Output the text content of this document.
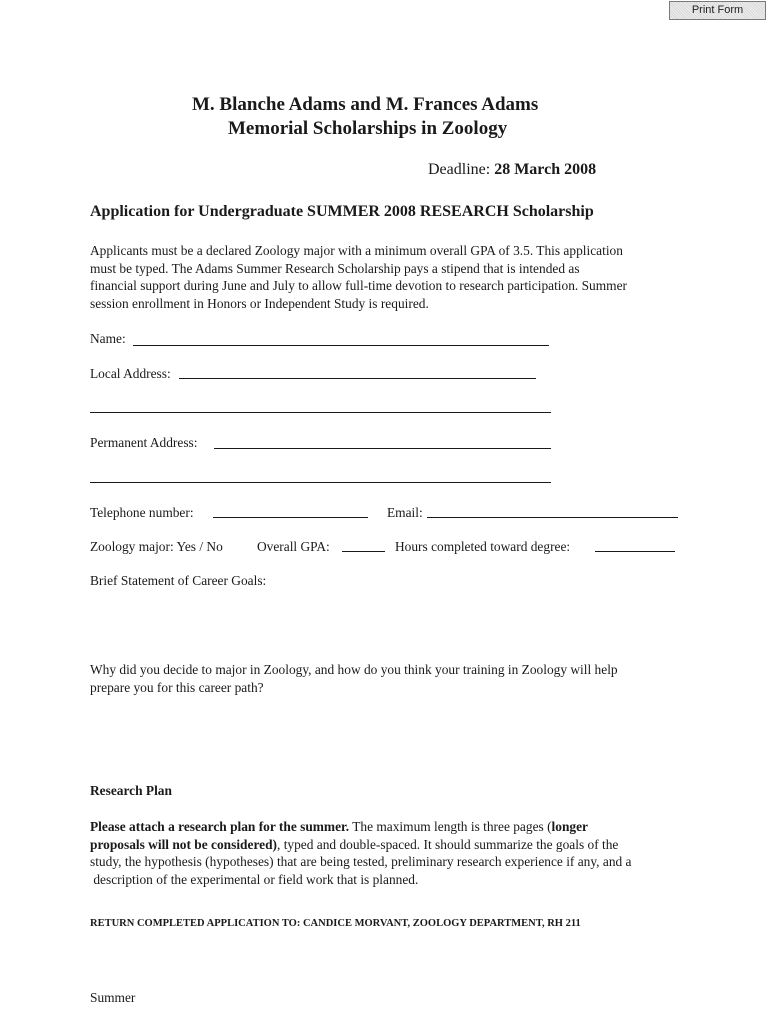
Print Form
M. Blanche Adams and M. Frances Adams
Memorial Scholarships in Zoology
Deadline: 28 March 2008
Application for Undergraduate SUMMER 2008 RESEARCH Scholarship
Applicants must be a declared Zoology major with a minimum overall GPA of 3.5. This application
must be typed. The Adams Summer Research Scholarship pays a stipend that is intended as
financial support during June and July to allow full-time devotion to research participation. Summer
session enrollment in Honors or Independent Study is required.
Name:
Local Address:
Permanent Address:
Telephone number:	Email:
Zoology major: Yes / No	Overall GPA:	Hours completed toward degree:
Brief Statement of Career Goals:
Why did you decide to major in Zoology, and how do you think your training in Zoology will help
prepare you for this career path?
Research Plan
Please attach a research plan for the summer. The maximum length is three pages (longer
proposals will not be considered), typed and double-spaced. It should summarize the goals of the
study, the hypothesis (hypotheses) that are being tested, preliminary research experience if any, and a
description of the experimental or field work that is planned.
RETURN COMPLETED APPLICATION TO: CANDICE MORVANT, ZOOLOGY DEPARTMENT, RH 211
Summer
